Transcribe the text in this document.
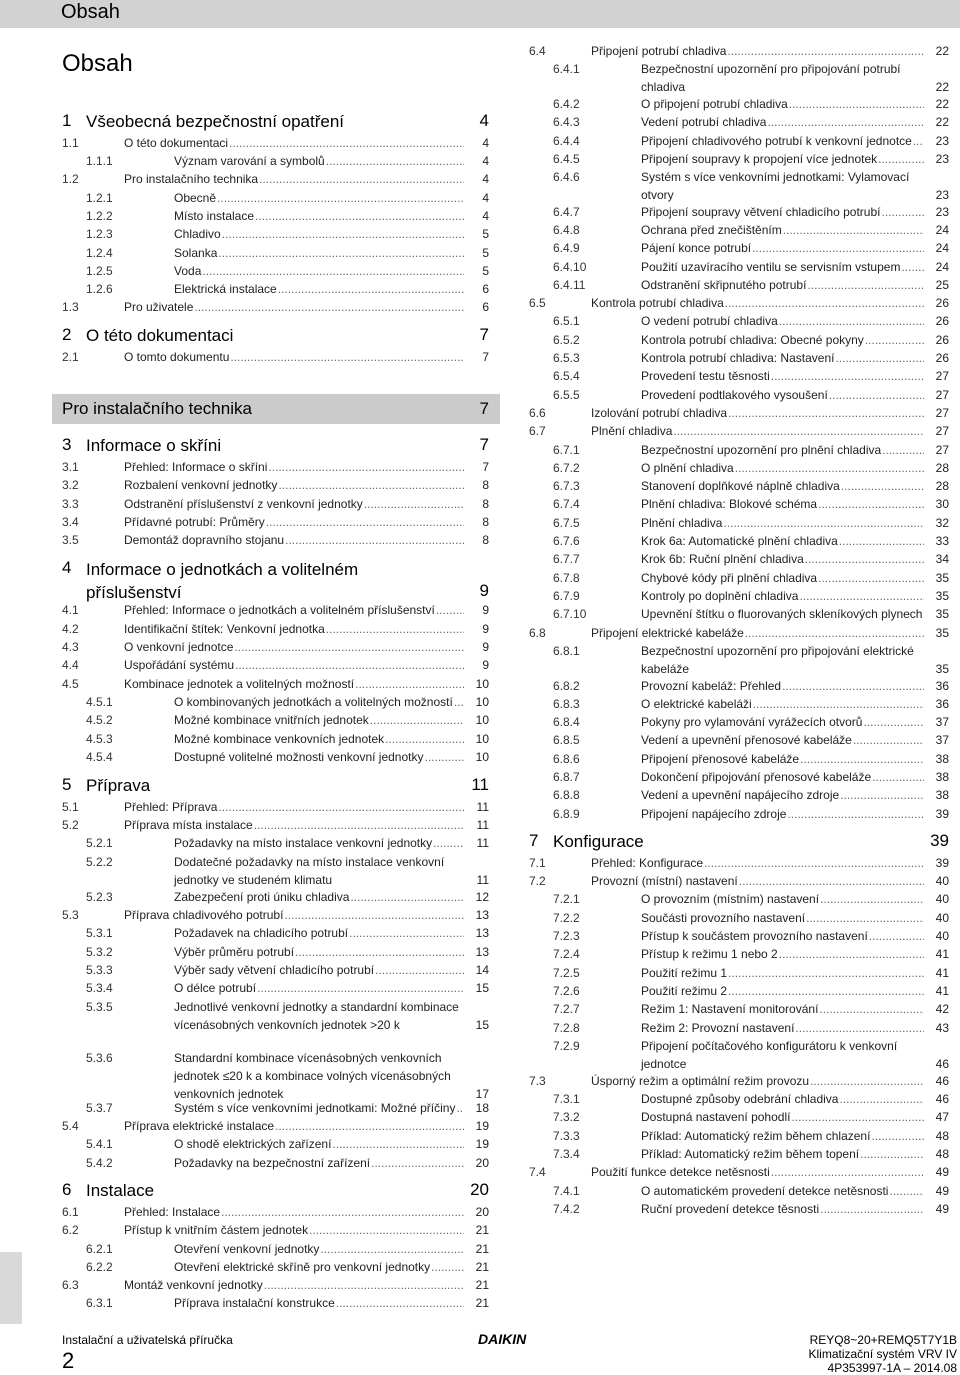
Obsah
Obsah
1 Všeobecná bezpečnostní opatření	4
1.1	O této dokumentaci .....	4
1.1.1	Význam varování a symbolů .....	4
1.2	Pro instalačního technika .....	4
1.2.1	Obecně .....	4
1.2.2	Místo instalace .....	4
1.2.3	Chladivo .....	5
1.2.4	Solanka .....	5
1.2.5	Voda .....	5
1.2.6	Elektrická instalace .....	6
1.3	Pro uživatele .....	6
2 O této dokumentaci	7
2.1	O tomto dokumentu .....	7
Pro instalačního technika	7
3 Informace o skříni	7
3.1	Přehled: Informace o skříni .....	7
3.2	Rozbalení venkovní jednotky .....	8
3.3	Odstranění příslušenství z venkovní jednotky .....	8
3.4	Přídavné potrubí: Průměry .....	8
3.5	Demontáž dopravního stojanu .....	8
4 Informace o jednotkách a volitelném příslušenství	9
4.1	Přehled: Informace o jednotkách a volitelném příslušenství .....	9
4.2	Identifikační štítek: Venkovní jednotka .....	9
4.3	O venkovní jednotce .....	9
4.4	Uspořádání systému .....	9
4.5	Kombinace jednotek a volitelných možností .....	10
4.5.1	O kombinovaných jednotkách a volitelných možností ..... 10
4.5.2	Možné kombinace vnitřních jednotek .....	10
4.5.3	Možné kombinace venkovních jednotek .....	10
4.5.4	Dostupné volitelné možnosti venkovní jednotky .....	10
5 Příprava	11
5.1	Přehled: Příprava .....	11
5.2	Příprava místa instalace .....	11
5.2.1	Požadavky na místo instalace venkovní jednotky .....	11
5.2.2	Dodatečné požadavky na místo instalace venkovní jednotky ve studeném klimatu	11
5.2.3	Zabezpečení proti úniku chladiva .....	12
5.3	Příprava chladivového potrubí .....	13
5.3.1	Požadavek na chladicího potrubí .....	13
5.3.2	Výběr průměru potrubí .....	13
5.3.3	Výběr sady větvení chladicího potrubí .....	14
5.3.4	O délce potrubí .....	15
5.3.5	Jednotlivé venkovní jednotky a standardní kombinace vícenásobných venkovních jednotek >20 k	15
5.3.6	Standardní kombinace vícenásobných venkovních jednotek ≤20 k a kombinace volných vícenásobných venkovních jednotek	17
5.3.7	Systém s více venkovními jednotkami: Možné příčiny ..... 18
5.4	Příprava elektrické instalace .....	19
5.4.1	O shodě elektrických zařízení .....	19
5.4.2	Požadavky na bezpečnostní zařízení .....	20
6 Instalace	20
6.1	Přehled: Instalace .....	20
6.2	Přístup k vnitřním částem jednotek .....	21
6.2.1	Otevření venkovní jednotky .....	21
6.2.2	Otevření elektrické skříně pro venkovní jednotky .....	21
6.3	Montáž venkovní jednotky .....	21
6.3.1	Příprava instalační konstrukce .....	21
6.4	Připojení potrubí chladiva .....	22
6.4.1	Bezpečnostní upozornění pro připojování potrubí chladiva	22
6.4.2	O připojení potrubí chladiva .....	22
6.4.3	Vedení potrubí chladiva .....	22
6.4.4	Připojení chladivového potrubí k venkovní jednotce ..... 23
6.4.5	Připojení soupravy k propojení více jednotek .....	23
6.4.6	Systém s více venkovními jednotkami: Vylamovací otvory	23
6.4.7	Připojení soupravy větvení chladicího potrubí .....	23
6.4.8	Ochrana před znečištěním .....	24
6.4.9	Pájení konce potrubí .....	24
6.4.10	Použití uzavíracího ventilu se servisním vstupem .....	24
6.4.11	Odstranění skřipnutého potrubí .....	25
6.5	Kontrola potrubí chladiva .....	26
6.5.1	O vedení potrubí chladiva .....	26
6.5.2	Kontrola potrubí chladiva: Obecné pokyny .....	26
6.5.3	Kontrola potrubí chladiva: Nastavení .....	26
6.5.4	Provedení testu těsnosti .....	27
6.5.5	Provedení podtlakového vysoušení .....	27
6.6	Izolování potrubí chladiva .....	27
6.7	Plnění chladiva .....	27
6.7.1	Bezpečnostní upozornění pro plnění chladiva .....	27
6.7.2	O plnění chladiva .....	28
6.7.3	Stanovení doplňkové náplně chladiva .....	28
6.7.4	Plnění chladiva: Blokové schéma .....	30
6.7.5	Plnění chladiva .....	32
6.7.6	Krok 6a: Automatické plnění chladiva .....	33
6.7.7	Krok 6b: Ruční plnění chladiva .....	34
6.7.8	Chybové kódy při plnění chladiva .....	35
6.7.9	Kontroly po doplnění chladiva .....	35
6.7.10	Upevnění štítku o fluorovaných skleníkových plynech	35
6.8	Připojení elektrické kabeláže .....	35
6.8.1	Bezpečnostní upozornění pro připojování elektrické kabeláže	35
6.8.2	Provozní kabeláž: Přehled .....	36
6.8.3	O elektrické kabeláži .....	36
6.8.4	Pokyny pro vylamování vyrážecích otvorů .....	37
6.8.5	Vedení a upevnění přenosové kabeláže .....	37
6.8.6	Připojení přenosové kabeláže .....	38
6.8.7	Dokončení připojování přenosové kabeláže .....	38
6.8.8	Vedení a upevnění napájecího zdroje .....	38
6.8.9	Připojení napájecího zdroje .....	39
7 Konfigurace	39
7.1	Přehled: Konfigurace .....	39
7.2	Provozní (místní) nastavení .....	40
7.2.1	O provozním (místním) nastavení .....	40
7.2.2	Součásti provozního nastavení .....	40
7.2.3	Přístup k součástem provozního nastavení .....	40
7.2.4	Přístup k režimu 1 nebo 2 .....	41
7.2.5	Použití režimu 1 .....	41
7.2.6	Použití režimu 2 .....	41
7.2.7	Režim 1: Nastavení monitorování .....	42
7.2.8	Režim 2: Provozní nastavení .....	43
7.2.9	Připojení počítačového konfigurátoru k venkovní jednotce	46
7.3	Úsporný režim a optimální režim provozu .....	46
7.3.1	Dostupné způsoby odebrání chladiva .....	46
7.3.2	Dostupná nastavení pohodlí .....	47
7.3.3	Příklad: Automatický režim během chlazení .....	48
7.3.4	Příklad: Automatický režim během topení .....	48
7.4	Použití funkce detekce netěsnosti .....	49
7.4.1	O automatickém provedení detekce netěsnosti .....	49
7.4.2	Ruční provedení detekce těsnosti .....	49
Instalační a uživatelská příručka
2
DAIKIN	REYQ8~20+REMQ5T7Y1B
Klimatizační systém VRV IV
4P353997-1A – 2014.08
